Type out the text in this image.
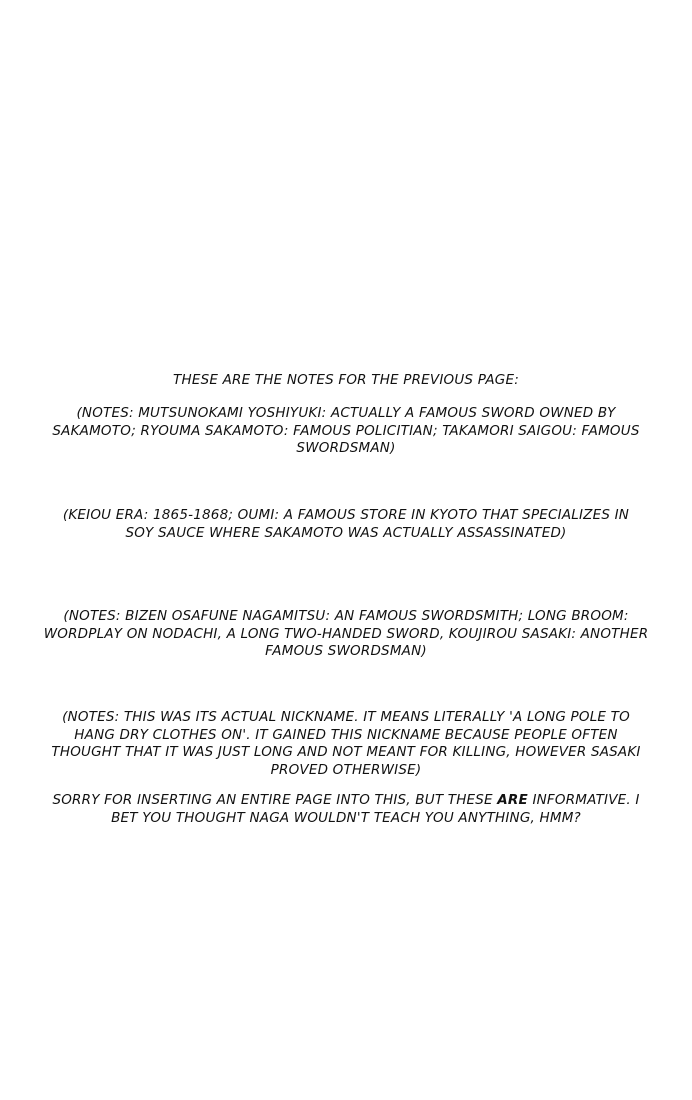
THESE ARE THE NOTES FOR THE PREVIOUS PAGE:

(NOTES: MUTSUNOKAMI YOSHIYUKI: ACTUALLY A FAMOUS SWORD OWNED BY SAKAMOTO; RYOUMA SAKAMOTO: FAMOUS POLICITIAN; TAKAMORI SAIGOU: FAMOUS SWORDSMAN)

(KEIOU ERA: 1865-1868; OUMI: A FAMOUS STORE IN KYOTO THAT SPECIALIZES IN SOY SAUCE WHERE SAKAMOTO WAS ACTUALLY ASSASSINATED)

(NOTES: BIZEN OSAFUNE NAGAMITSU: AN FAMOUS SWORDSMITH; LONG BROOM: WORDPLAY ON NODACHI, A LONG TWO-HANDED SWORD, KOUJIROU SASAKI: ANOTHER FAMOUS SWORDSMAN)

(NOTES: THIS WAS ITS ACTUAL NICKNAME. IT MEANS LITERALLY 'A LONG POLE TO HANG DRY CLOTHES ON'. IT GAINED THIS NICKNAME BECAUSE PEOPLE OFTEN THOUGHT THAT IT WAS JUST LONG AND NOT MEANT FOR KILLING, HOWEVER SASAKI PROVED OTHERWISE)

SORRY FOR INSERTING AN ENTIRE PAGE INTO THIS, BUT THESE ARE INFORMATIVE. I BET YOU THOUGHT NAGA WOULDN'T TEACH YOU ANYTHING, HMM?
